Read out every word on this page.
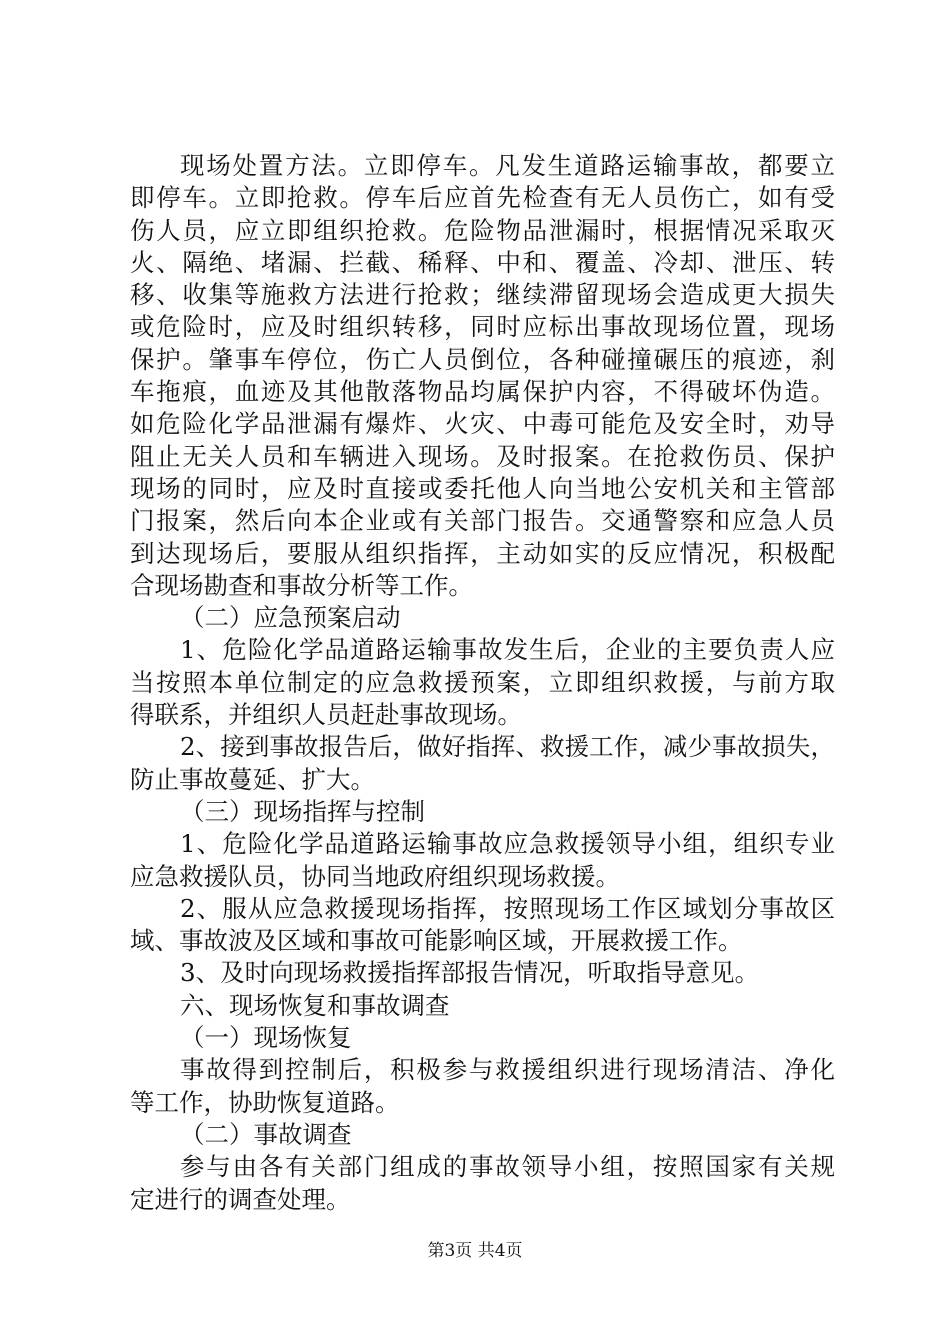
现场处置方法。立即停车。凡发生道路运输事故，都要立
即停车。立即抢救。停车后应首先检查有无人员伤亡，如有受
伤人员，应立即组织抢救。危险物品泄漏时，根据情况采取灭
火、隔绝、堵漏、拦截、稀释、中和、覆盖、冷却、泄压、转
移、收集等施救方法进行抢救；继续滞留现场会造成更大损失
或危险时，应及时组织转移，同时应标出事故现场位置，现场
保护。肇事车停位，伤亡人员倒位，各种碰撞碾压的痕迹，刹
车拖痕，血迹及其他散落物品均属保护内容，不得破坏伪造。
如危险化学品泄漏有爆炸、火灾、中毒可能危及安全时，劝导
阻止无关人员和车辆进入现场。及时报案。在抢救伤员、保护
现场的同时，应及时直接或委托他人向当地公安机关和主管部
门报案，然后向本企业或有关部门报告。交通警察和应急人员
到达现场后，要服从组织指挥，主动如实的反应情况，积极配
合现场勘查和事故分析等工作。
（二）应急预案启动
1、危险化学品道路运输事故发生后，企业的主要负责人应
当按照本单位制定的应急救援预案，立即组织救援，与前方取
得联系，并组织人员赶赴事故现场。
2、接到事故报告后，做好指挥、救援工作，减少事故损失，
防止事故蔓延、扩大。
（三）现场指挥与控制
1、危险化学品道路运输事故应急救援领导小组，组织专业
应急救援队员，协同当地政府组织现场救援。
2、服从应急救援现场指挥，按照现场工作区域划分事故区
域、事故波及区域和事故可能影响区域，开展救援工作。
3、及时向现场救援指挥部报告情况，听取指导意见。
六、现场恢复和事故调查
（一）现场恢复
事故得到控制后，积极参与救援组织进行现场清洁、净化
等工作，协助恢复道路。
（二）事故调查
参与由各有关部门组成的事故领导小组，按照国家有关规
定进行的调查处理。
第3页 共4页
